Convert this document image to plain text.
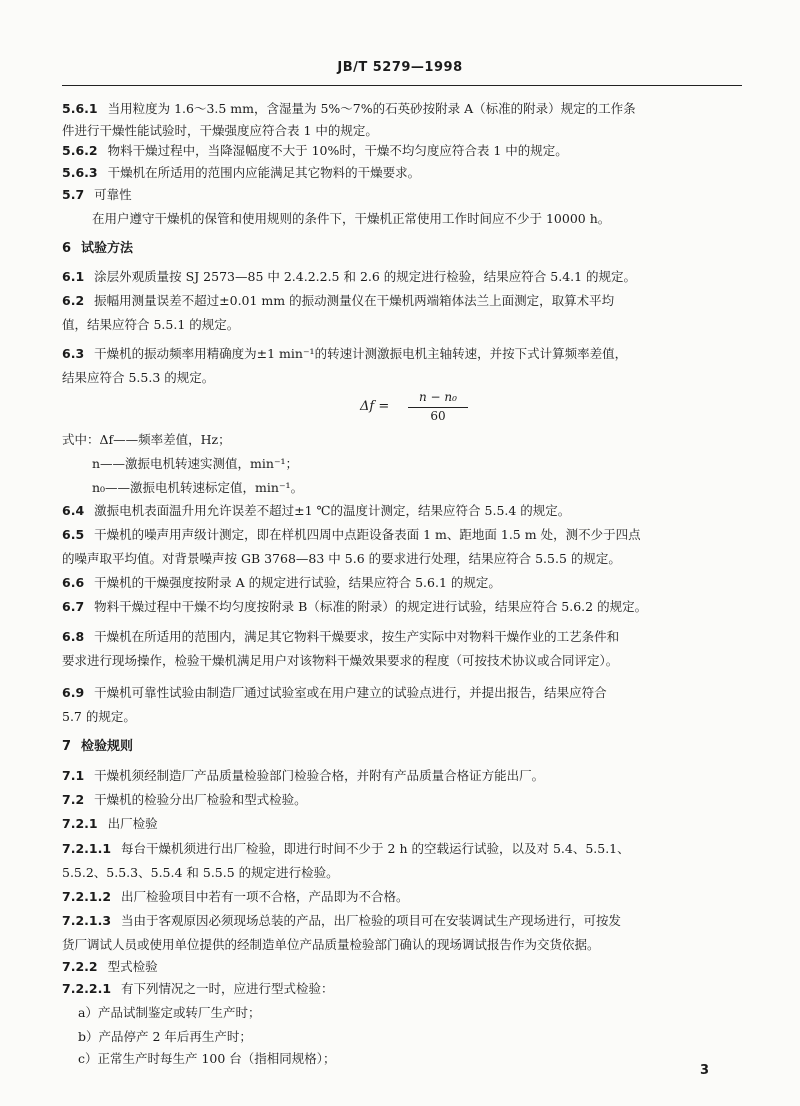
JB/T 5279—1998
5.6.1 当用粒度为 1.6～3.5 mm，含湿量为 5%～7%的石英砂按附录 A（标准的附录）规定的工作条
件进行干燥性能试验时，干燥强度应符合表 1 中的规定。
5.6.2 物料干燥过程中，当降湿幅度不大于 10%时，干燥不均匀度应符合表 1 中的规定。
5.6.3 干燥机在所适用的范围内应能满足其它物料的干燥要求。
5.7 可靠性
在用户遵守干燥机的保管和使用规则的条件下，干燥机正常使用工作时间应不少于 10000 h。
6 试验方法
6.1 涂层外观质量按 SJ 2573—85 中 2.4.2.2.5 和 2.6 的规定进行检验，结果应符合 5.4.1 的规定。
6.2 振幅用测量误差不超过±0.01 mm 的振动测量仪在干燥机两端箱体法兰上面测定，取算术平均
值，结果应符合 5.5.1 的规定。
6.3 干燥机的振动频率用精确度为±1 min⁻¹的转速计测激振电机主轴转速，并按下式计算频率差值，
结果应符合 5.5.3 的规定。
式中：Δf——频率差值，Hz；
n——激振电机转速实测值，min⁻¹；
n₀——激振电机转速标定值，min⁻¹。
6.4 激振电机表面温升用允许误差不超过±1 ℃的温度计测定，结果应符合 5.5.4 的规定。
6.5 干燥机的噪声用声级计测定，即在样机四周中点距设备表面 1 m、距地面 1.5 m 处，测不少于四点
的噪声取平均值。对背景噪声按 GB 3768—83 中 5.6 的要求进行处理，结果应符合 5.5.5 的规定。
6.6 干燥机的干燥强度按附录 A 的规定进行试验，结果应符合 5.6.1 的规定。
6.7 物料干燥过程中干燥不均匀度按附录 B（标准的附录）的规定进行试验，结果应符合 5.6.2 的规定。
6.8 干燥机在所适用的范围内，满足其它物料干燥要求，按生产实际中对物料干燥作业的工艺条件和
要求进行现场操作，检验干燥机满足用户对该物料干燥效果要求的程度（可按技术协议或合同评定）。
6.9 干燥机可靠性试验由制造厂通过试验室或在用户建立的试验点进行，并提出报告，结果应符合
5.7 的规定。
7 检验规则
7.1 干燥机须经制造厂产品质量检验部门检验合格，并附有产品质量合格证方能出厂。
7.2 干燥机的检验分出厂检验和型式检验。
7.2.1 出厂检验
7.2.1.1 每台干燥机须进行出厂检验，即进行时间不少于 2 h 的空载运行试验，以及对 5.4、5.5.1、
5.5.2、5.5.3、5.5.4 和 5.5.5 的规定进行检验。
7.2.1.2 出厂检验项目中若有一项不合格，产品即为不合格。
7.2.1.3 当由于客观原因必须现场总装的产品，出厂检验的项目可在安装调试生产现场进行，可按发
货厂调试人员或使用单位提供的经制造单位产品质量检验部门确认的现场调试报告作为交货依据。
7.2.2 型式检验
7.2.2.1 有下列情况之一时，应进行型式检验：
a）产品试制鉴定或转厂生产时；
b）产品停产 2 年后再生产时；
c）正常生产时每生产 100 台（指相同规格）；
Δf =
n − n₀
60
3
